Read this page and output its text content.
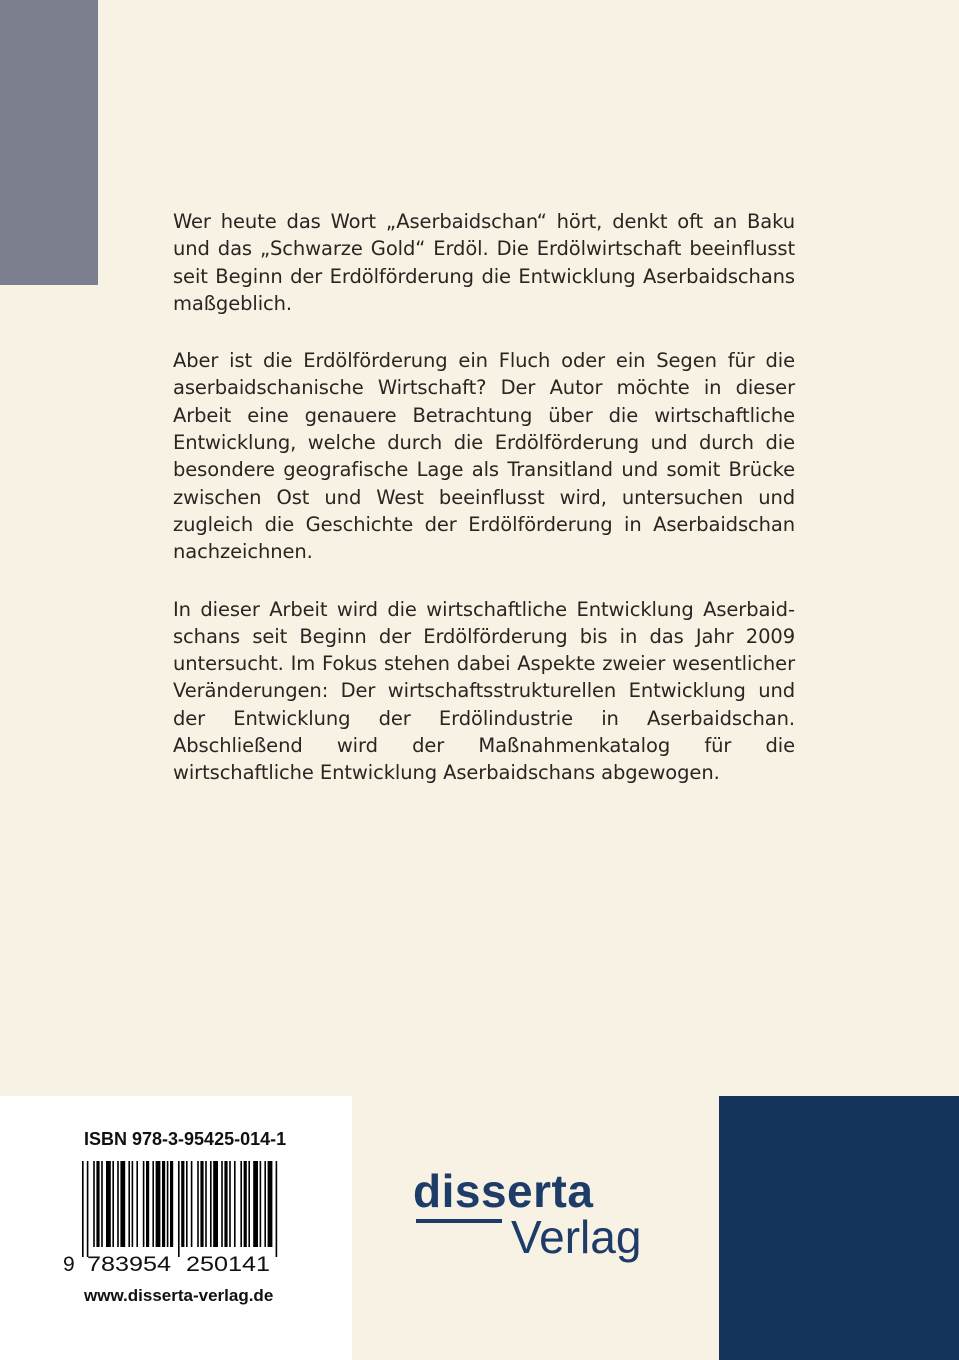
Wer heute das Wort „Aserbaidschan“ hört, denkt oft an Baku und das „Schwarze Gold“ Erdöl. Die Erdölwirtschaft beeinflusst seit Beginn der Erdölförderung die Entwicklung Aserbaidschans maßgeblich.

Aber ist die Erdölförderung ein Fluch oder ein Segen für die aserbaidschanische Wirtschaft? Der Autor möchte in dieser Arbeit eine genauere Betrachtung über die wirtschaftliche Entwicklung, welche durch die Erdölförderung und durch die besondere geografische Lage als Transitland und somit Brücke zwischen Ost und West beeinflusst wird, untersuchen und zugleich die Geschichte der Erdölförderung in Aserbaidschan nachzeichnen.

In dieser Arbeit wird die wirtschaftliche Entwicklung Aserbaidschans seit Beginn der Erdölförderung bis in das Jahr 2009 untersucht. Im Fokus stehen dabei Aspekte zweier wesentlicher Veränderungen: Der wirtschaftsstrukturellen Entwicklung und der Entwicklung der Erdölindustrie in Aserbaidschan. Abschließend wird der Maßnahmenkatalog für die wirtschaftliche Entwicklung Aserbaidschans abgewogen.

ISBN 978-3-95425-014-1
9 783954 250141
www.disserta-verlag.de
disserta
Verlag
